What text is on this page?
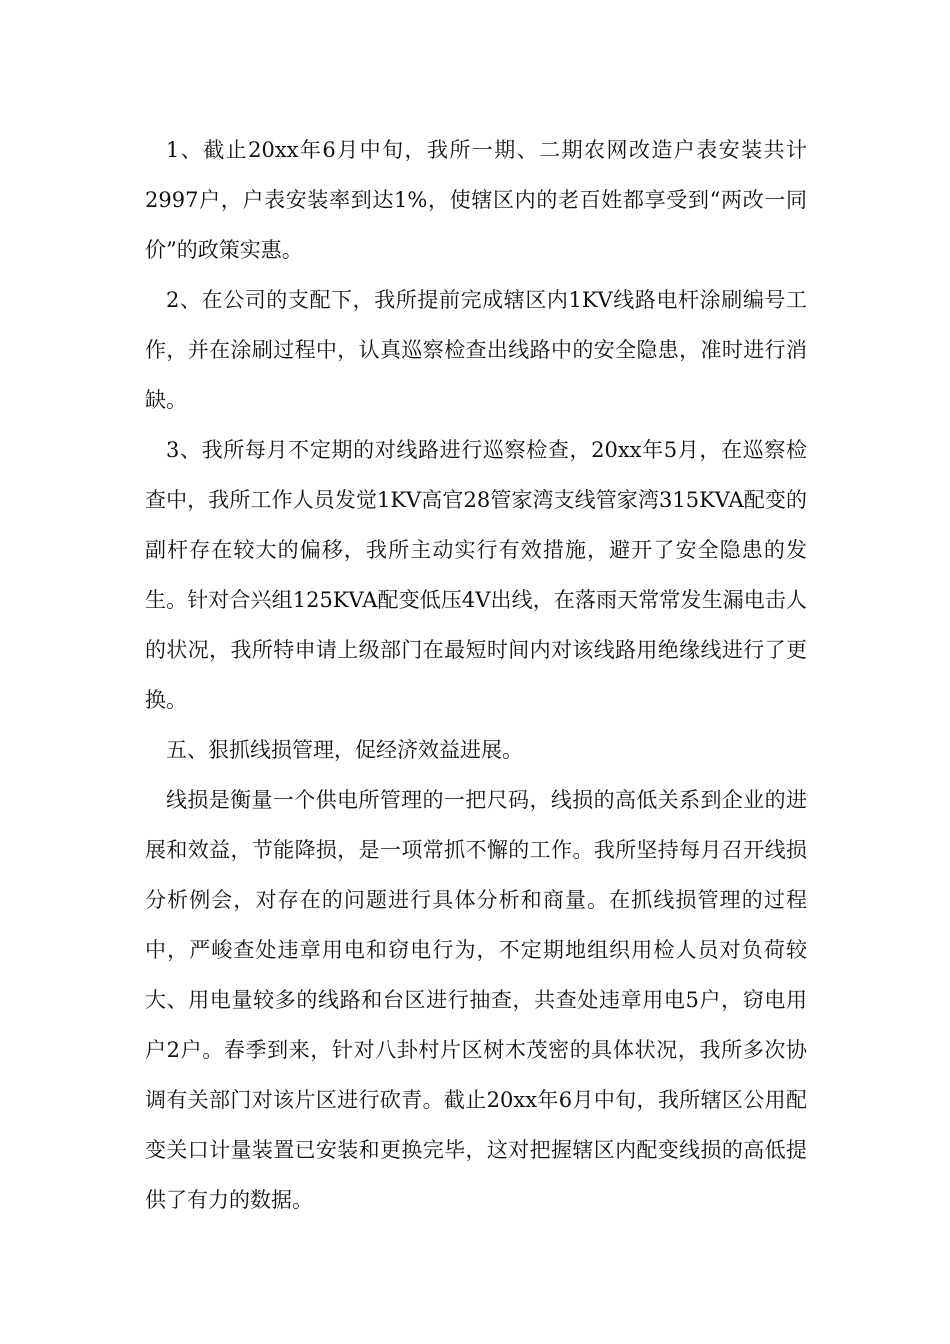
1、截止20xx年6月中旬，我所一期、二期农网改造户表安装共计2997户，户表安装率到达1%，使辖区内的老百姓都享受到“两改一同价”的政策实惠。

2、在公司的支配下，我所提前完成辖区内1KV线路电杆涂刷编号工作，并在涂刷过程中，认真巡察检查出线路中的安全隐患，准时进行消缺。

3、我所每月不定期的对线路进行巡察检查，20xx年5月，在巡察检查中，我所工作人员发觉1KV高官28管家湾支线管家湾315KVA配变的副杆存在较大的偏移，我所主动实行有效措施，避开了安全隐患的发生。针对合兴组125KVA配变低压4V出线，在落雨天常常发生漏电击人的状况，我所特申请上级部门在最短时间内对该线路用绝缘线进行了更换。

五、狠抓线损管理，促经济效益进展。

线损是衡量一个供电所管理的一把尺码，线损的高低关系到企业的进展和效益，节能降损，是一项常抓不懈的工作。我所坚持每月召开线损分析例会，对存在的问题进行具体分析和商量。在抓线损管理的过程中，严峻查处违章用电和窃电行为，不定期地组织用检人员对负荷较大、用电量较多的线路和台区进行抽查，共查处违章用电5户，窃电用户2户。春季到来，针对八卦村片区树木茂密的具体状况，我所多次协调有关部门对该片区进行砍青。截止20xx年6月中旬，我所辖区公用配变关口计量装置已安装和更换完毕，这对把握辖区内配变线损的高低提供了有力的数据。
